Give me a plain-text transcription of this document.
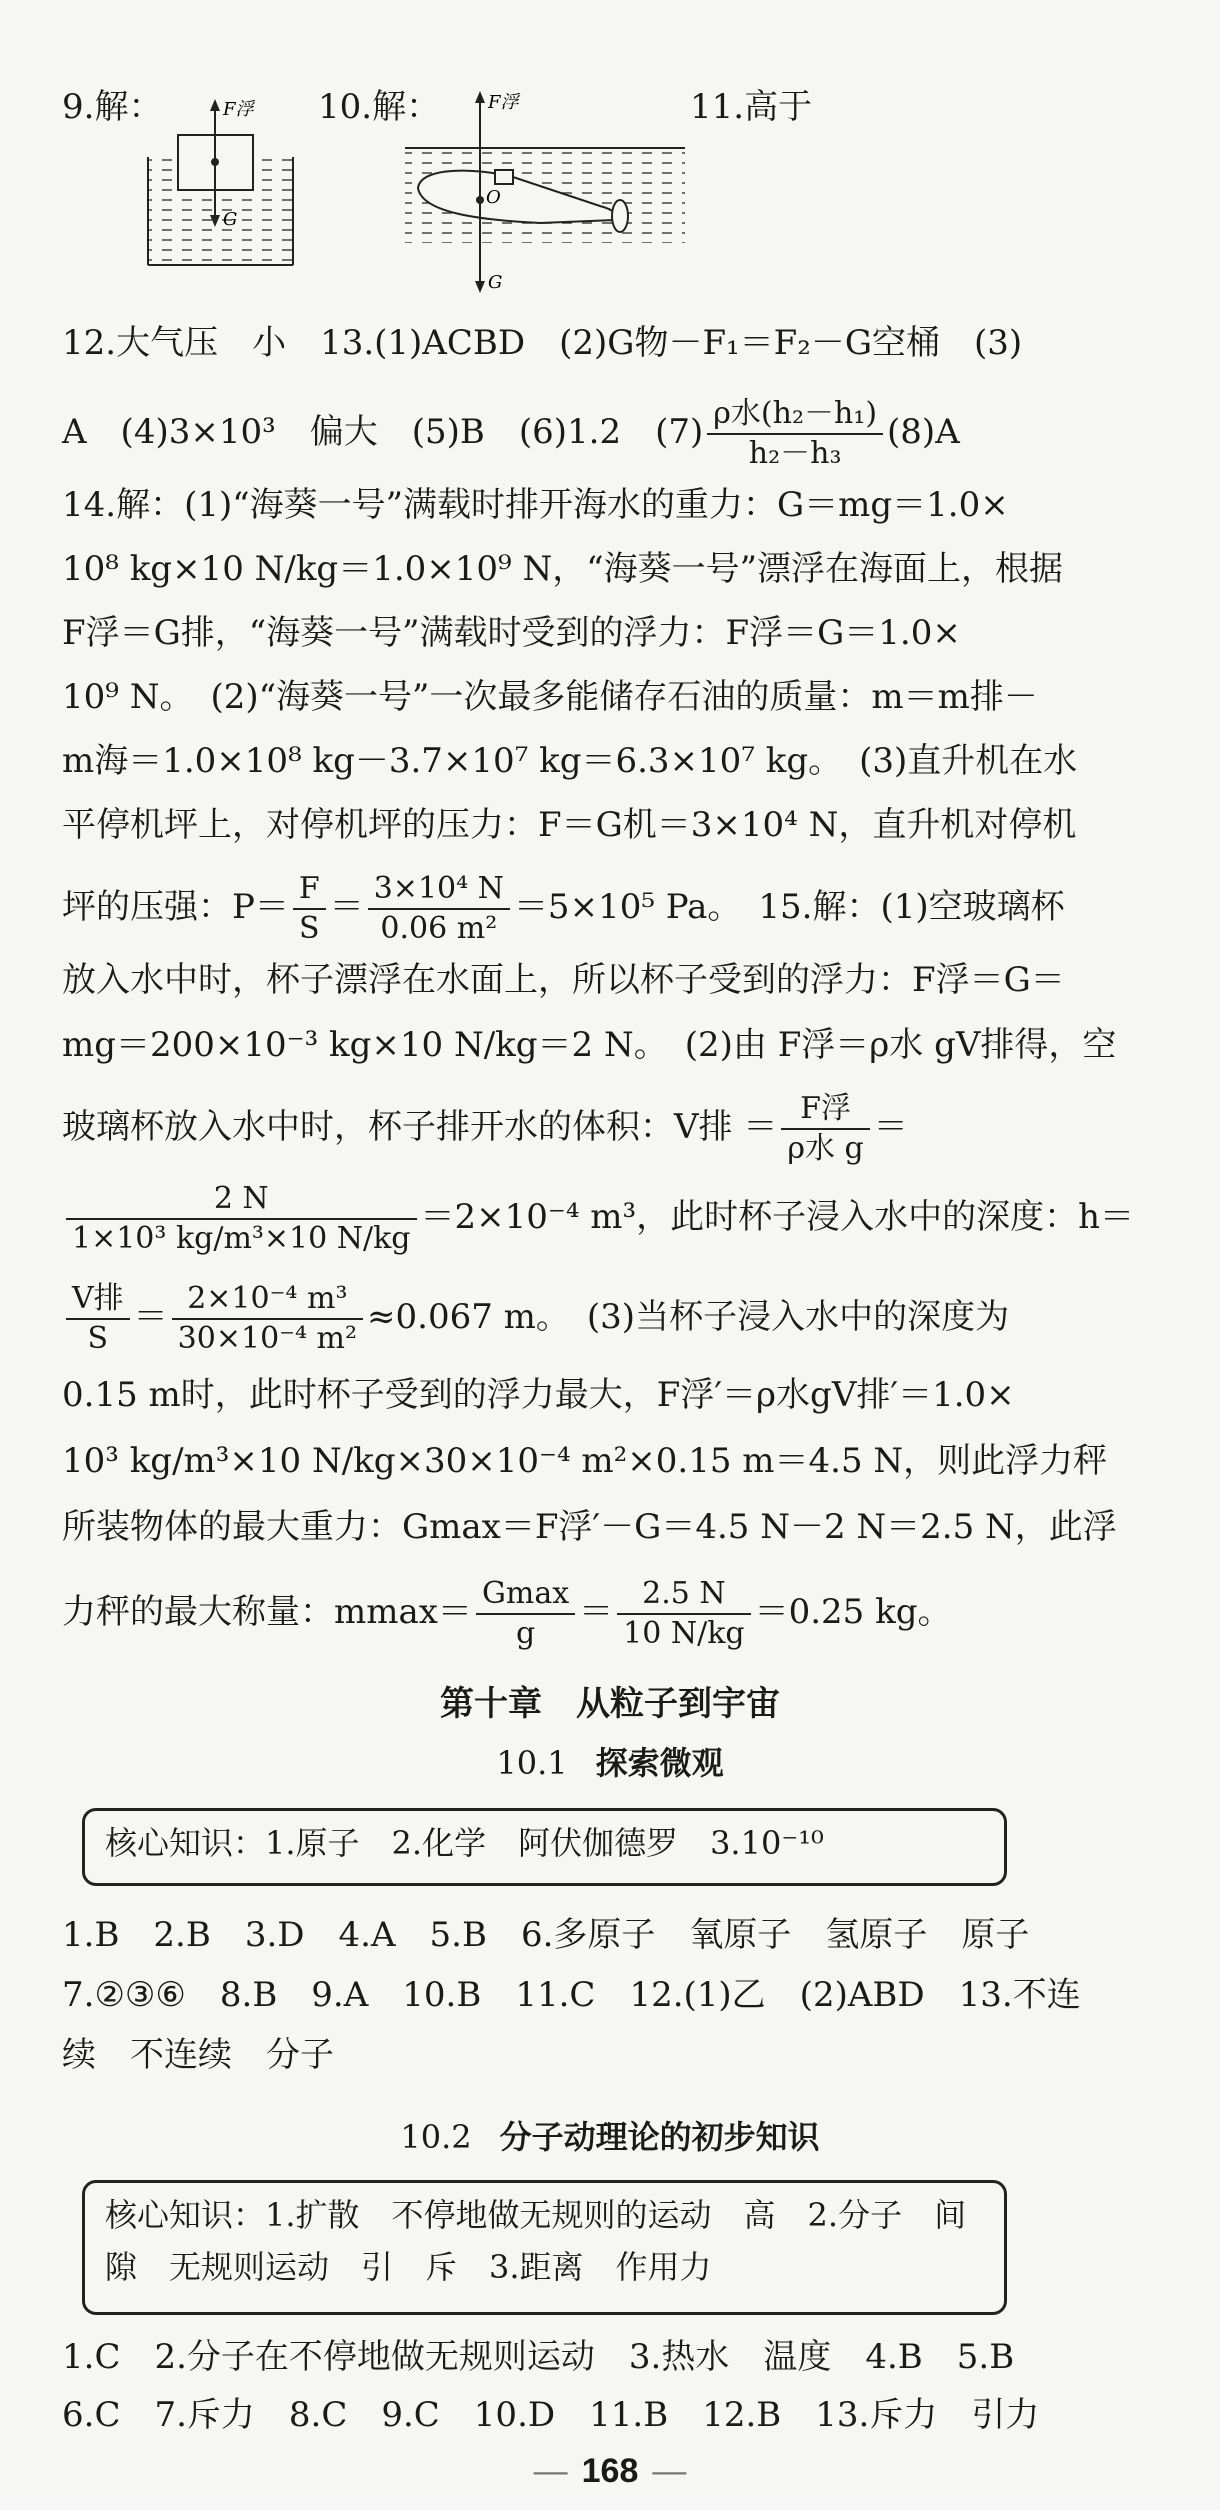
9.解：	F浮
G
10.解：	F浮
O
G
11.高于
12.大气压　小　13.(1)ACBD　(2)G物－F₁＝F₂－G空桶　(3)
A　(4)3×10³　偏大　(5)B　(6)1.2　$(7) \frac{\text{ρ水(h₂－h₁)}}{\text{h₂－h₃}} (8)A$
14.解：(1)“海葵一号”满载时排开海水的重力：G＝mg＝1.0×
10⁸ kg×10 N/kg＝1.0×10⁹ N，“海葵一号”漂浮在海面上，根据
F浮＝G排，“海葵一号”满载时受到的浮力：F浮＝G＝1.0×
10⁹ N。　(2)“海葵一号”一次最多能储存石油的质量：m＝m排－
m海＝1.0×10⁸ kg－3.7×10⁷ kg＝6.3×10⁷ kg。　(3)直升机在水
平停机坪上，对停机坪的压力：F＝G机＝3×10⁴ N，直升机对停机
坪的压强：$P= \frac{F}{S} = \frac{\text{3×10⁴ N}}{\text{0.06 m²}} =5\times 10^5$ Pa。　15.解：(1)空玻璃杯
放入水中时，杯子漂浮在水面上，所以杯子受到的浮力：F浮＝G＝
mg＝200×10⁻³ kg×10 N/kg＝2 N。　(2)由 F浮＝ρ水 gV排得，空
玻璃杯放入水中时，杯子排开水的体积：V排 ＝ $\frac{\text{F浮}}{\text{ρ水 g}}$ ＝
$\frac{2 N}{\text{1×10³ kg/m³×10 N/kg}} =2\times 10^{-4}$ m³，此时杯子浸入水中的深度：h＝
$\frac{\text{V排}}{S} = \frac{\text{2×10⁻⁴ m³}}{\text{30×10⁻⁴ m²}} \approx 0.067$ m。　(3)当杯子浸入水中的深度为
0.15 m时，此时杯子受到的浮力最大，F浮′＝ρ水gV排′＝1.0×
10³ kg/m³×10 N/kg×30×10⁻⁴ m²×0.15 m＝4.5 N，则此浮力秤
所装物体的最大重力：Gmax＝F浮′－G＝4.5 N－2 N＝2.5 N，此浮
力秤的最大称量：$mmax= \frac{Gmax}{g} = \frac{2.5 N}{10 N/kg} =0.25$ kg。
第十章　从粒子到宇宙
10.1 探索微观
核心知识：1.原子　2.化学　阿伏伽德罗　3.10⁻¹⁰
1.B　2.B　3.D　4.A　5.B　6.多原子　氧原子　氢原子　原子
7.②③⑥　8.B　9.A　10.B　11.C　12.(1)乙　(2)ABD　13.不连
续　不连续　分子
10.2 分子动理论的初步知识
核心知识：1.扩散　不停地做无规则的运动　高　2.分子　间
隙　无规则运动　引　斥　3.距离　作用力
1.C　2.分子在不停地做无规则运动　3.热水　温度　4.B　5.B
6.C　7.斥力　8.C　9.C　10.D　11.B　12.B　13.斥力　引力
— 168 —
